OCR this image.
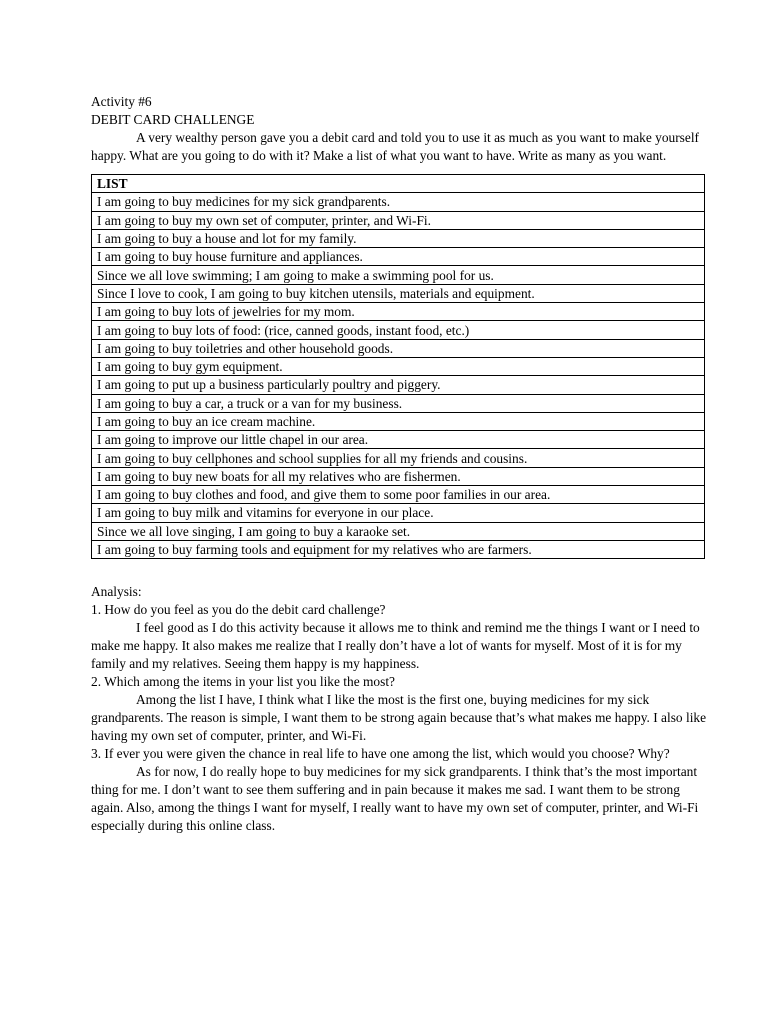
Activity #6

DEBIT CARD CHALLENGE

A very wealthy person gave you a debit card and told you to use it as much as you want to make yourself happy. What are you going to do with it? Make a list of what you want to have. Write as many as you want.

LIST
I am going to buy medicines for my sick grandparents.
I am going to buy my own set of computer, printer, and Wi-Fi.
I am going to buy a house and lot for my family.
I am going to buy house furniture and appliances.
Since we all love swimming; I am going to make a swimming pool for us.
Since I love to cook, I am going to buy kitchen utensils, materials and equipment.
I am going to buy lots of jewelries for my mom.
I am going to buy lots of food: (rice, canned goods, instant food, etc.)
I am going to buy toiletries and other household goods.
I am going to buy gym equipment.
I am going to put up a business particularly poultry and piggery.
I am going to buy a car, a truck or a van for my business.
I am going to buy an ice cream machine.
I am going to improve our little chapel in our area.
I am going to buy cellphones and school supplies for all my friends and cousins.
I am going to buy new boats for all my relatives who are fishermen.
I am going to buy clothes and food, and give them to some poor families in our area.
I am going to buy milk and vitamins for everyone in our place.
Since we all love singing, I am going to buy a karaoke set.
I am going to buy farming tools and equipment for my relatives who are farmers.

Analysis:

1. How do you feel as you do the debit card challenge?

I feel good as I do this activity because it allows me to think and remind me the things I want or I need to make me happy. It also makes me realize that I really don’t have a lot of wants for myself. Most of it is for my family and my relatives. Seeing them happy is my happiness.

2. Which among the items in your list you like the most?

Among the list I have, I think what I like the most is the first one, buying medicines for my sick grandparents. The reason is simple, I want them to be strong again because that’s what makes me happy. I also like having my own set of computer, printer, and Wi-Fi.

3. If ever you were given the chance in real life to have one among the list, which would you choose? Why?

As for now, I do really hope to buy medicines for my sick grandparents. I think that’s the most important thing for me. I don’t want to see them suffering and in pain because it makes me sad. I want them to be strong again. Also, among the things I want for myself, I really want to have my own set of computer, printer, and Wi-Fi especially during this online class.
